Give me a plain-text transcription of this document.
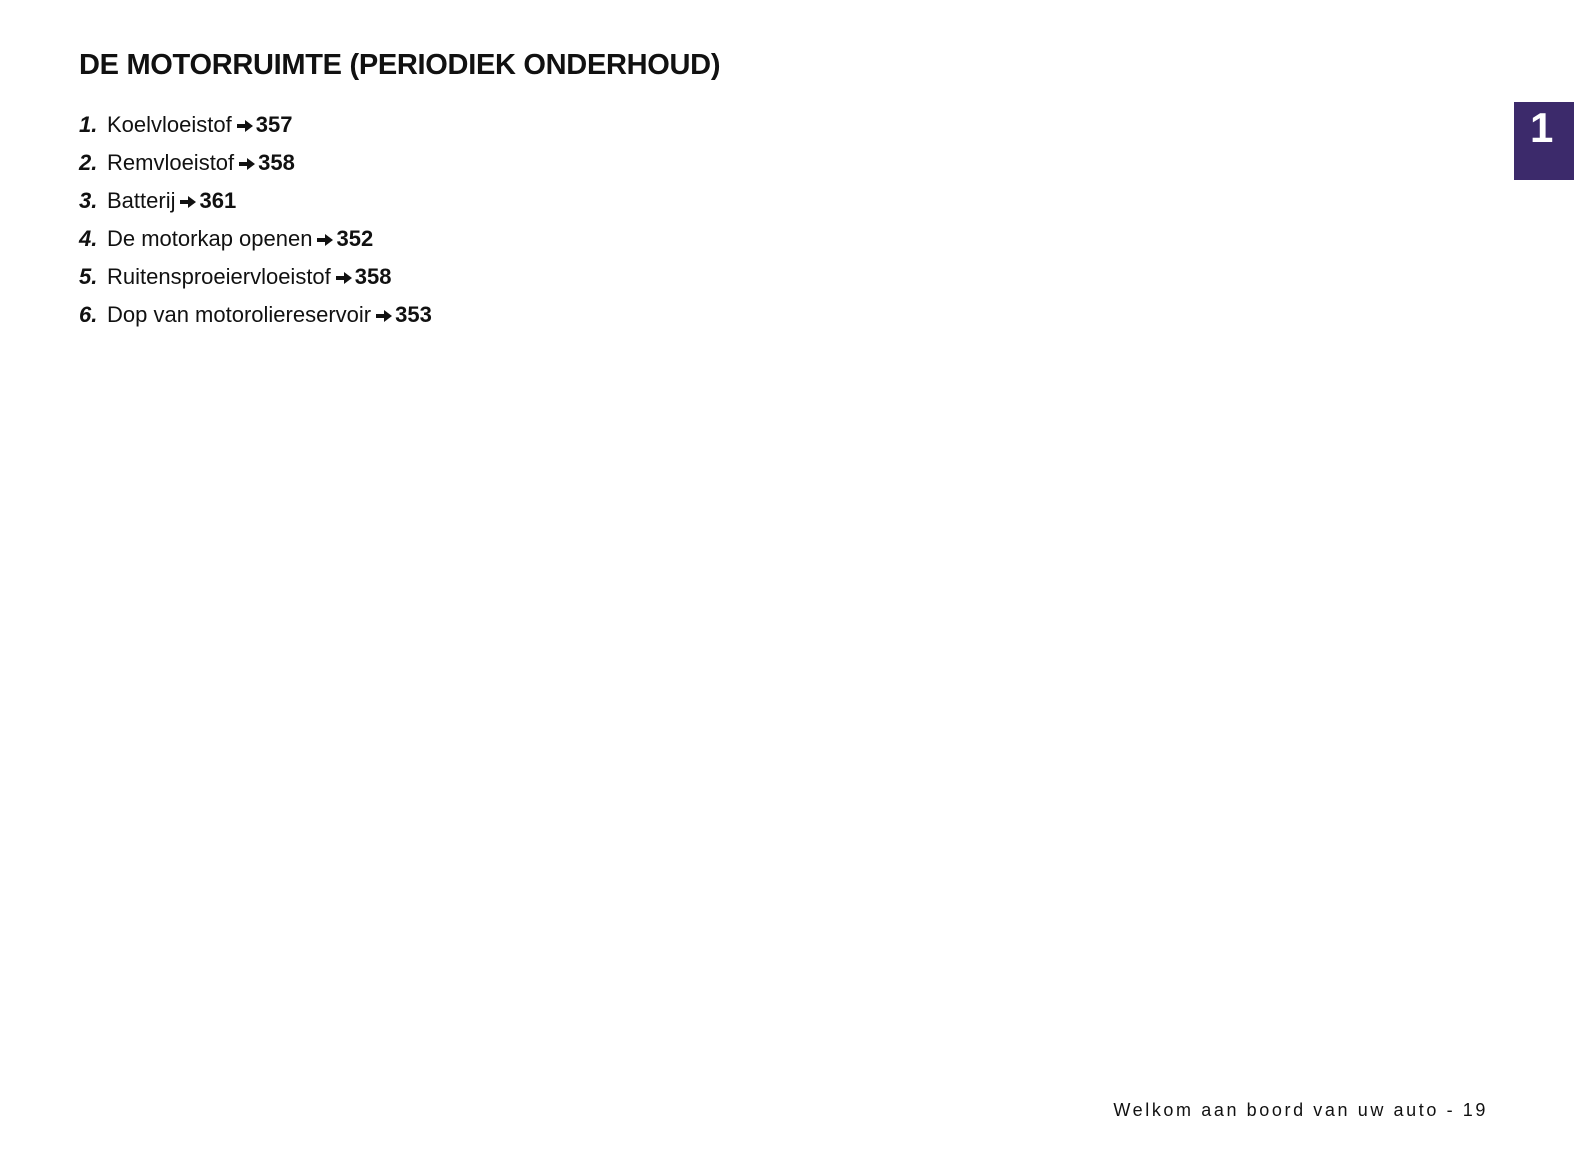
DE MOTORRUIMTE (PERIODIEK ONDERHOUD)
1. Koelvloeistof 357
2. Remvloeistof 358
3. Batterij 361
4. De motorkap openen 352
5. Ruitensproeiervloeistof 358
6. Dop van motoroliereservoir 353
1
Welkom aan boord van uw auto - 19
